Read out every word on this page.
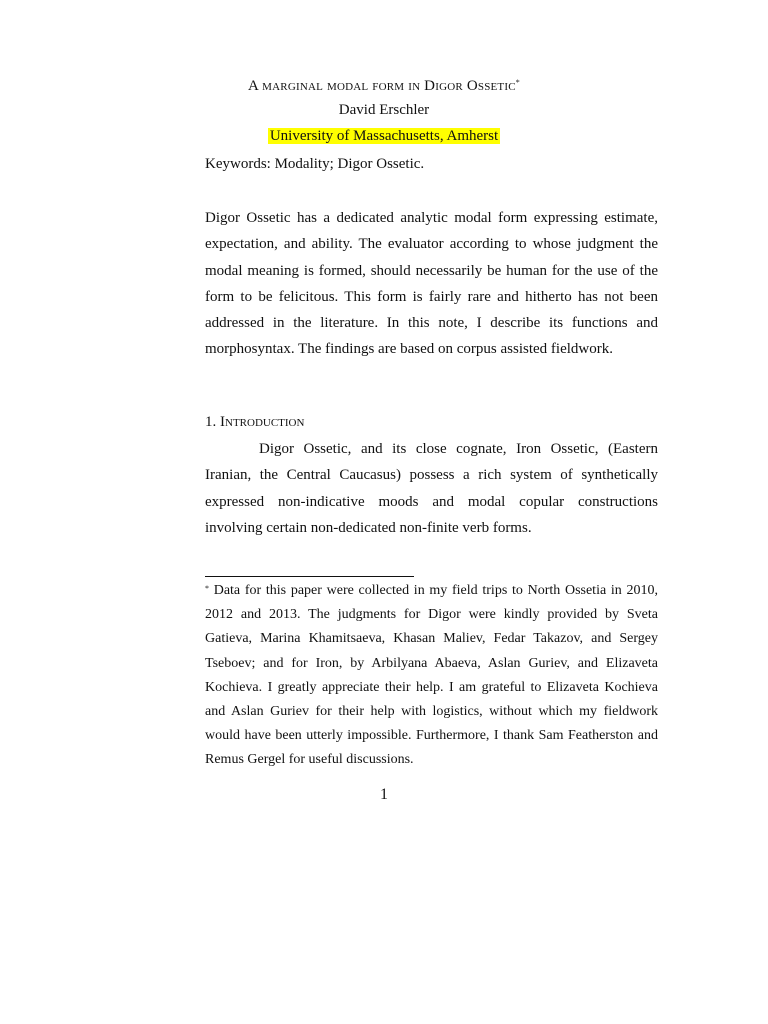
A marginal modal form in Digor Ossetic*
David Erschler
University of Massachusetts, Amherst
Keywords: Modality; Digor Ossetic.

Digor Ossetic has a dedicated analytic modal form expressing estimate, expectation, and ability. The evaluator according to whose judgment the modal meaning is formed, should necessarily be human for the use of the form to be felicitous. This form is fairly rare and hitherto has not been addressed in the literature. In this note, I describe its functions and morphosyntax. The findings are based on corpus assisted fieldwork.

1. Introduction

Digor Ossetic, and its close cognate, Iron Ossetic, (Eastern Iranian, the Central Caucasus) possess a rich system of synthetically expressed non-indicative moods and modal copular constructions involving certain non-dedicated non-finite verb forms.

* Data for this paper were collected in my field trips to North Ossetia in 2010, 2012 and 2013. The judgments for Digor were kindly provided by Sveta Gatieva, Marina Khamitsaeva, Khasan Maliev, Fedar Takazov, and Sergey Tseboev; and for Iron, by Arbilyana Abaeva, Aslan Guriev, and Elizaveta Kochieva. I greatly appreciate their help. I am grateful to Elizaveta Kochieva and Aslan Guriev for their help with logistics, without which my fieldwork would have been utterly impossible. Furthermore, I thank Sam Featherston and Remus Gergel for useful discussions.

1
